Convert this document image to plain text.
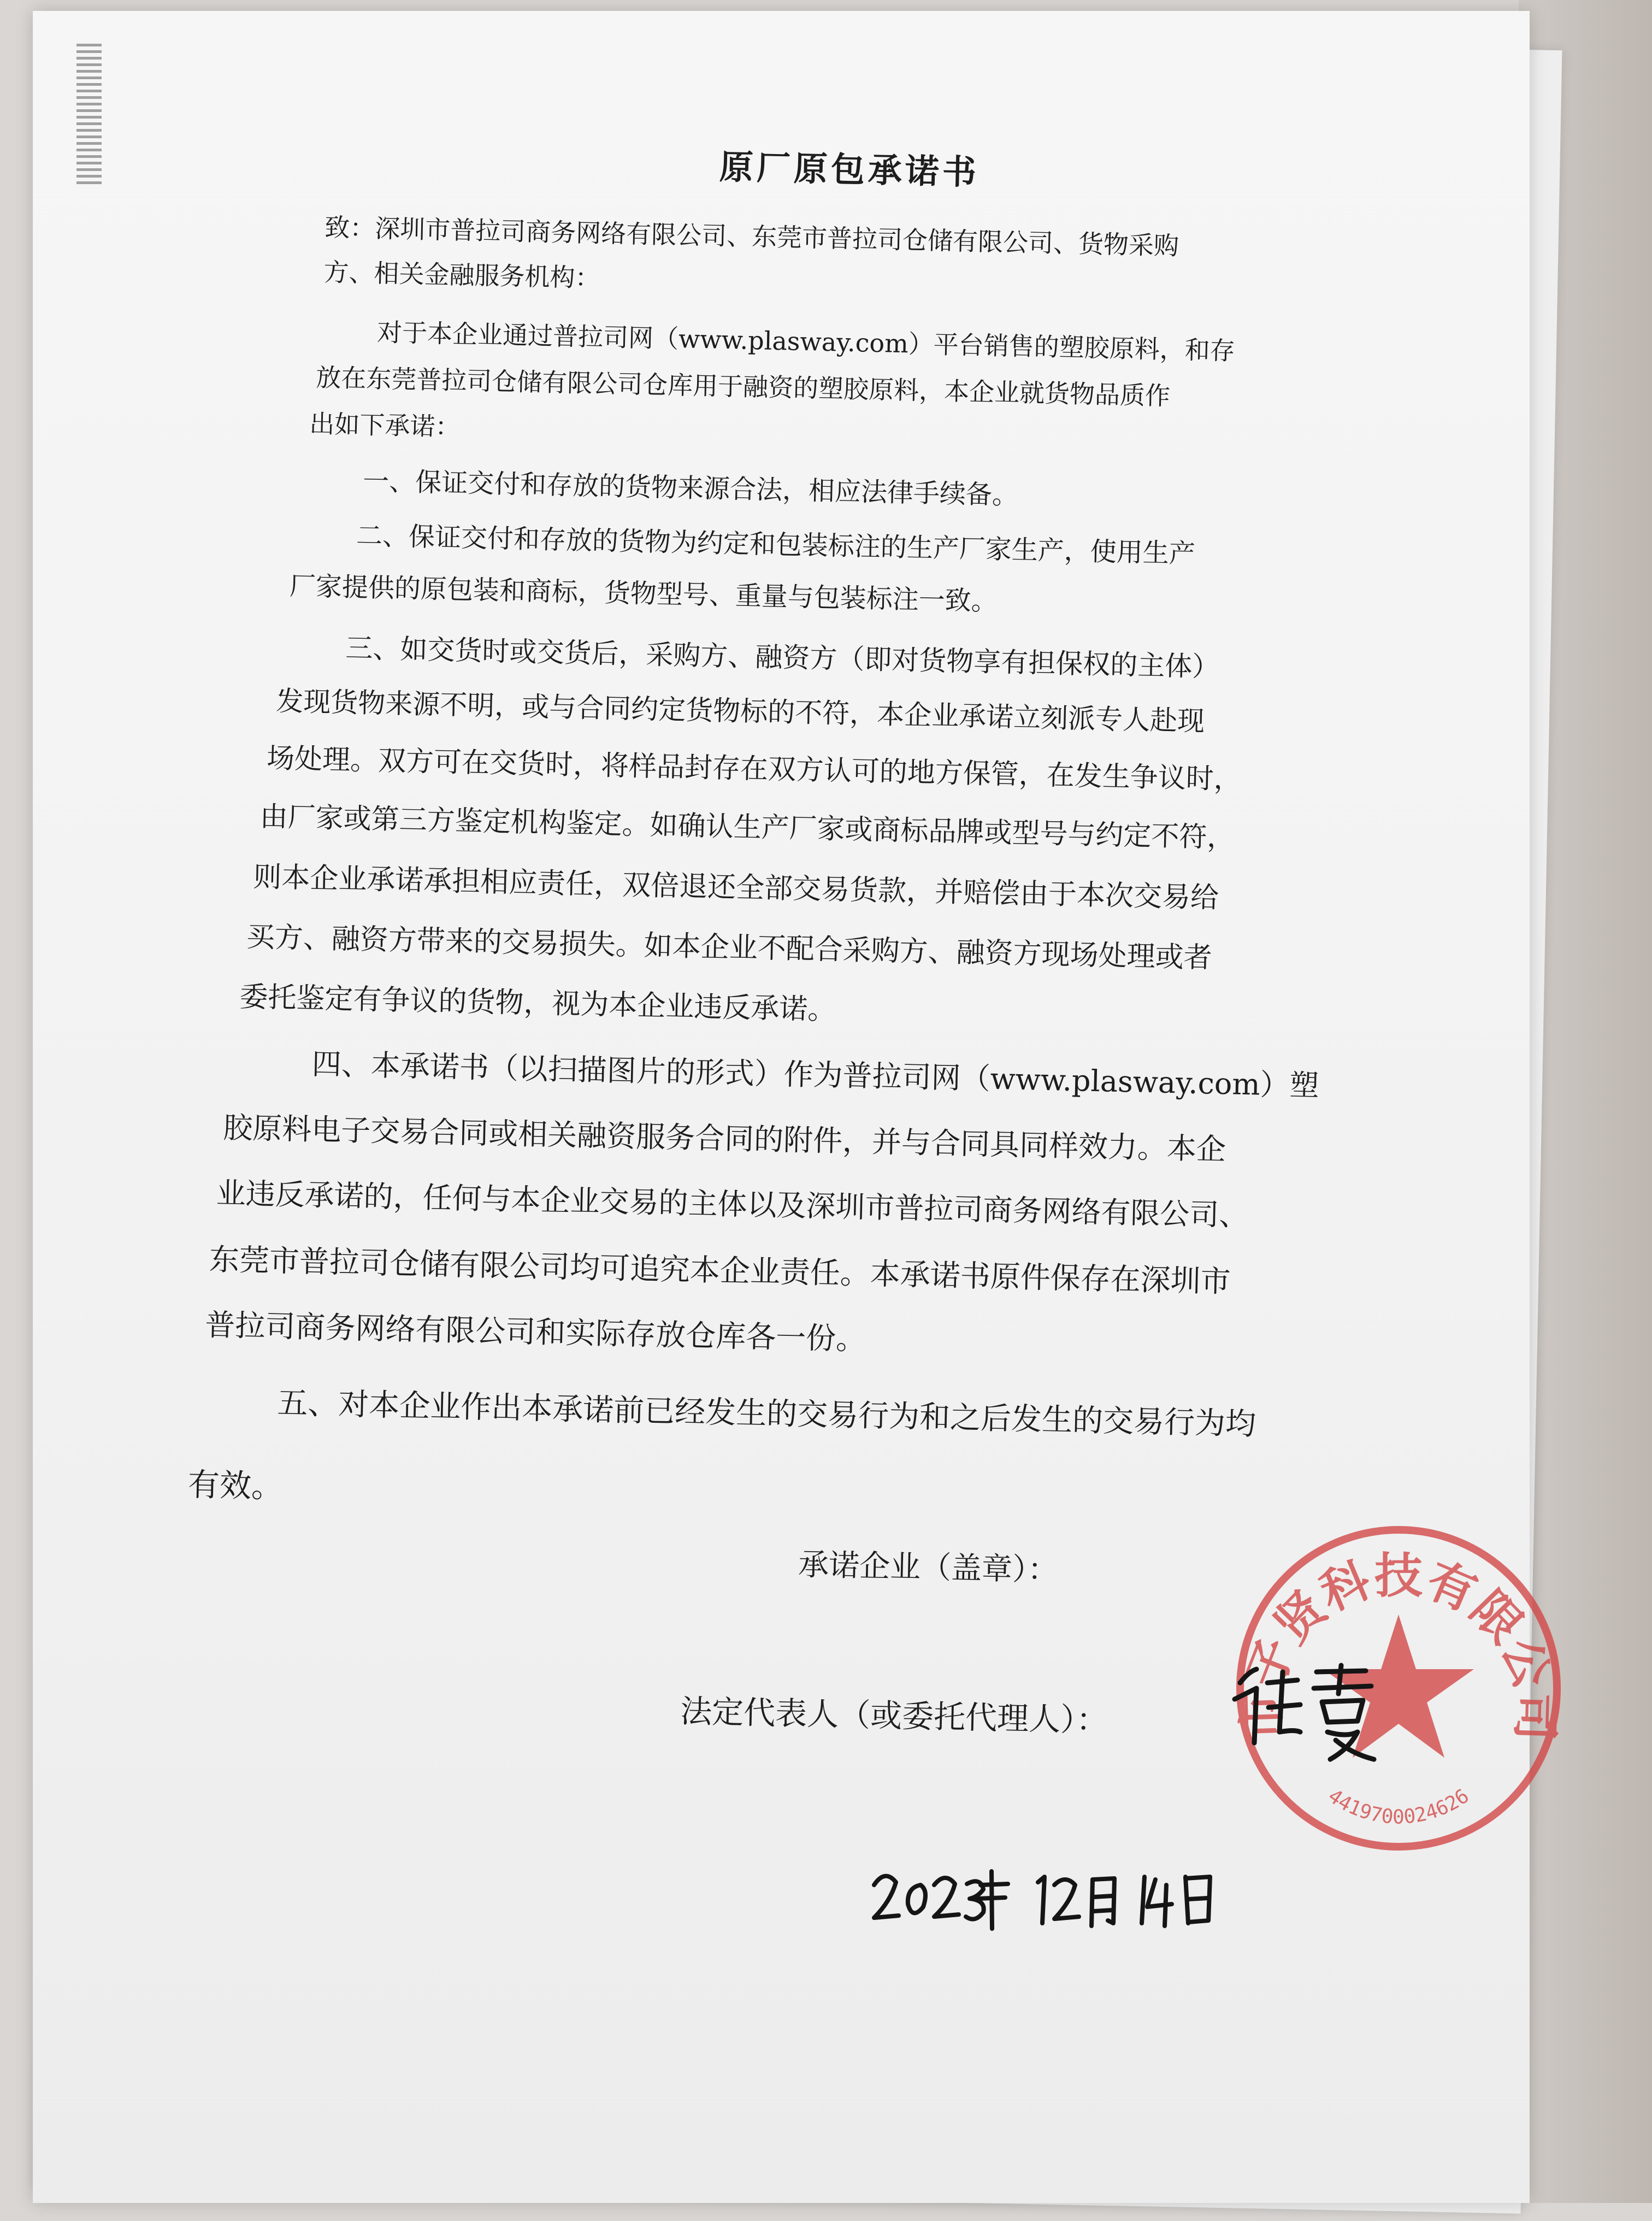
原厂原包承诺书
致：深圳市普拉司商务网络有限公司、东莞市普拉司仓储有限公司、货物采购
方、相关金融服务机构：
对于本企业通过普拉司网（www.plasway.com）平台销售的塑胶原料，和存
放在东莞普拉司仓储有限公司仓库用于融资的塑胶原料，本企业就货物品质作
出如下承诺：
一、保证交付和存放的货物来源合法，相应法律手续备。
二、保证交付和存放的货物为约定和包装标注的生产厂家生产，使用生产
厂家提供的原包装和商标，货物型号、重量与包装标注一致。
三、如交货时或交货后，采购方、融资方（即对货物享有担保权的主体）
发现货物来源不明，或与合同约定货物标的不符，本企业承诺立刻派专人赴现
场处理。双方可在交货时，将样品封存在双方认可的地方保管，在发生争议时，
由厂家或第三方鉴定机构鉴定。如确认生产厂家或商标品牌或型号与约定不符，
则本企业承诺承担相应责任，双倍退还全部交易货款，并赔偿由于本次交易给
买方、融资方带来的交易损失。如本企业不配合采购方、融资方现场处理或者
委托鉴定有争议的货物，视为本企业违反承诺。
四、本承诺书（以扫描图片的形式）作为普拉司网（www.plasway.com）塑
胶原料电子交易合同或相关融资服务合同的附件，并与合同具同样效力。本企
业违反承诺的，任何与本企业交易的主体以及深圳市普拉司商务网络有限公司、
东莞市普拉司仓储有限公司均可追究本企业责任。本承诺书原件保存在深圳市
普拉司商务网络有限公司和实际存放仓库各一份。
五、对本企业作出本承诺前已经发生的交易行为和之后发生的交易行为均
有效。
承诺企业（盖章）：
法定代表人（或委托代理人）：	市子贤科技有限公司
4419700024626
